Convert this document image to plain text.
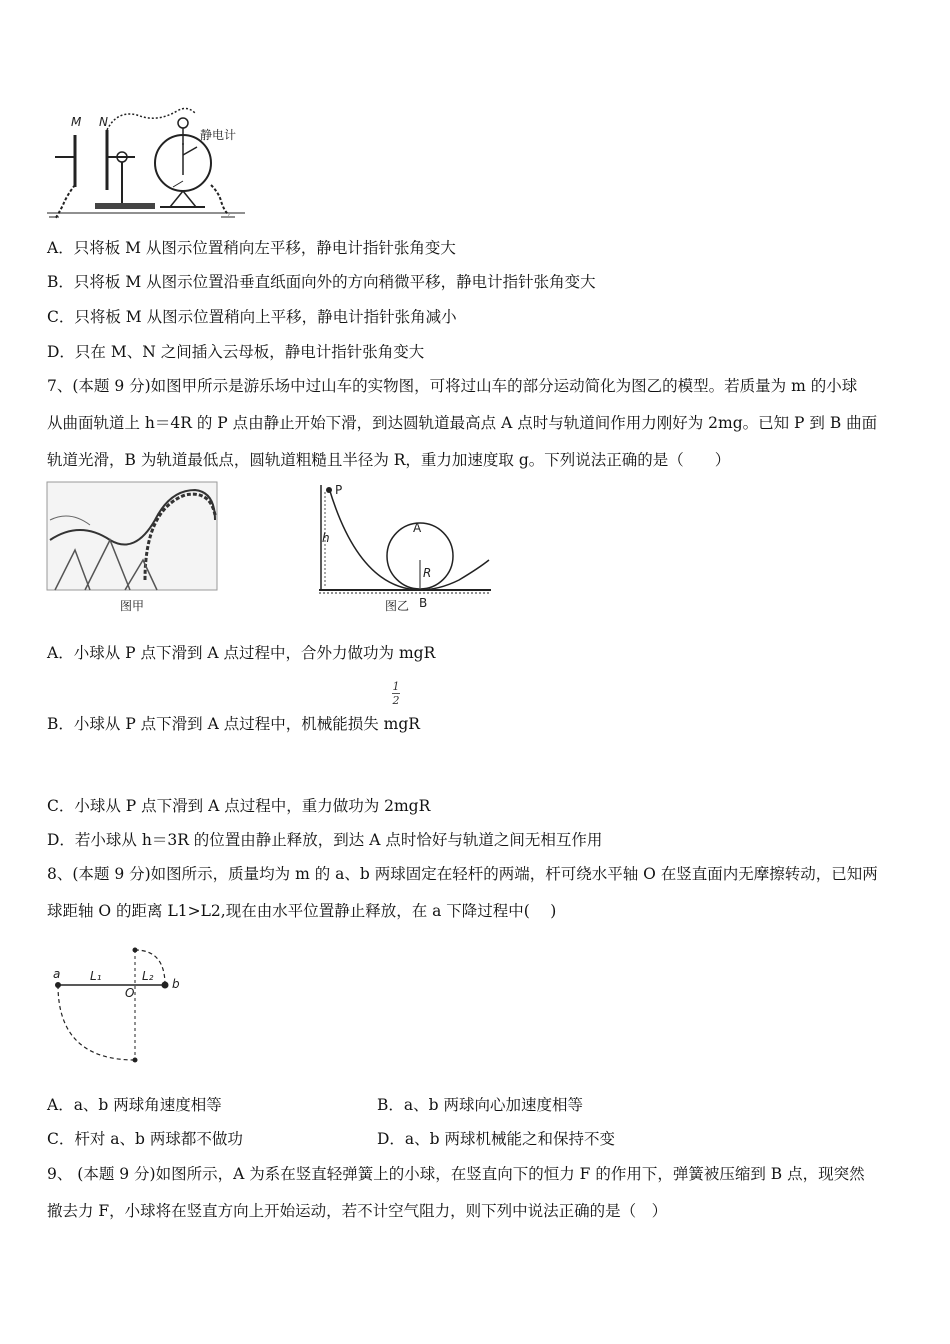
M N
静电计
A．只将板 M 从图示位置稍向左平移，静电计指针张角变大
B．只将板 M 从图示位置沿垂直纸面向外的方向稍微平移，静电计指针张角变大
C．只将板 M 从图示位置稍向上平移，静电计指针张角减小
D．只在 M、N 之间插入云母板，静电计指针张角变大
7、(本题 9 分)如图甲所示是游乐场中过山车的实物图，可将过山车的部分运动简化为图乙的模型。若质量为 m 的小球
从曲面轨道上 h＝4R 的 P 点由静止开始下滑，到达圆轨道最高点 A 点时与轨道间作用力刚好为 2mg。已知 P 到 B 曲面
轨道光滑，B 为轨道最低点，圆轨道粗糙且半径为 R，重力加速度取 g。下列说法正确的是（　　）
图甲
P
h
A
R
B
图乙
A．小球从 P 点下滑到 A 点过程中，合外力做功为 mgR
1
2
B．小球从 P 点下滑到 A 点过程中，机械能损失 mgR
C．小球从 P 点下滑到 A 点过程中，重力做功为 2mgR
D．若小球从 h＝3R 的位置由静止释放，到达 A 点时恰好与轨道之间无相互作用
8、(本题 9 分)如图所示，质量均为 m 的 a、b 两球固定在轻杆的两端，杆可绕水平轴 O 在竖直面内无摩擦转动，已知两
球距轴 O 的距离 L1>L2,现在由水平位置静止释放，在 a 下降过程中(　 )
a
b
O
L₁	L₂
A．a、b 两球角速度相等	B．a、b 两球向心加速度相等
C．杆对 a、b 两球都不做功	D．a、b 两球机械能之和保持不变
9、 (本题 9 分)如图所示，A 为系在竖直轻弹簧上的小球，在竖直向下的恒力 F 的作用下，弹簧被压缩到 B 点，现突然
撤去力 F，小球将在竖直方向上开始运动，若不计空气阻力，则下列中说法正确的是（　）
